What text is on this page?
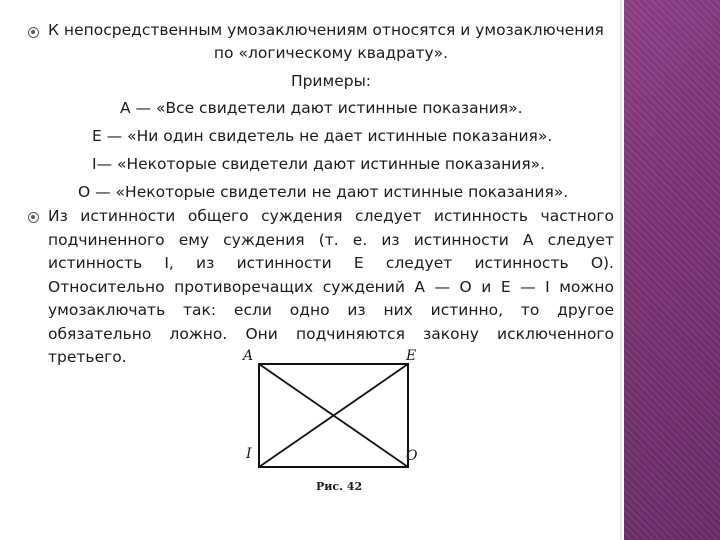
К непосредственным умозаключениям относятся и умозаключения
по «логическому квадрату».
Примеры:
А — «Все свидетели дают истинные показания».
Е — «Ни один свидетель не дает истинные показания».
I— «Некоторые свидетели дают истинные показания».
О — «Некоторые свидетели не дают истинные показания».
Из истинности общего суждения следует истинность частного
подчиненного ему суждения (т. е. из истинности А следует
истинность I, из истинности Е следует истинность О).
Относительно противоречащих суждений А — О и Е — I можно
умозаключать так: если одно из них истинно, то другое
обязательно ложно. Они подчиняются закону исключенного
третьего.	A	E
I	O
Рис. 42
